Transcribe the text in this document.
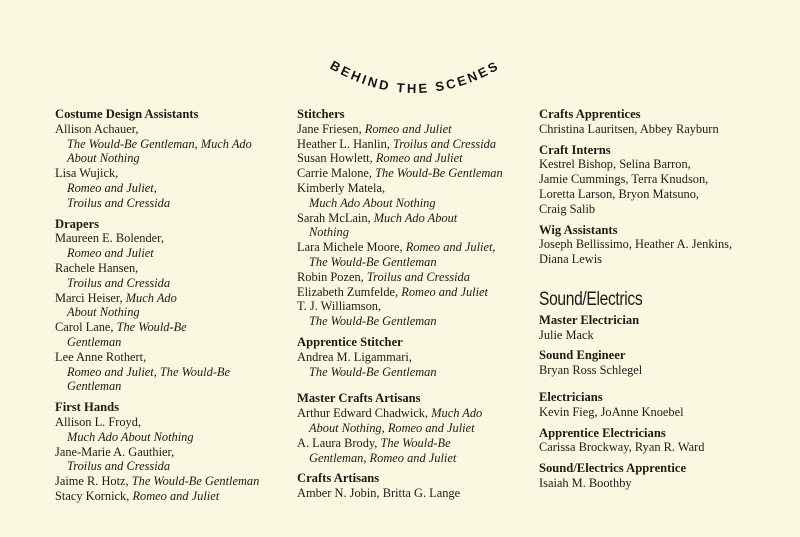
BEHIND THE SCENES
Costume Design Assistants
Allison Achauer,
The Would-Be Gentleman, Much Ado
About Nothing
Lisa Wujick,
Romeo and Juliet,
Troilus and Cressida
Drapers
Maureen E. Bolender,
Romeo and Juliet
Rachele Hansen,
Troilus and Cressida
Marci Heiser, Much Ado
About Nothing
Carol Lane, The Would-Be
Gentleman
Lee Anne Rothert,
Romeo and Juliet, The Would-Be
Gentleman
First Hands
Allison L. Froyd,
Much Ado About Nothing
Jane-Marie A. Gauthier,
Troilus and Cressida
Jaime R. Hotz, The Would-Be Gentleman
Stacy Kornick, Romeo and Juliet
Stitchers
Jane Friesen, Romeo and Juliet
Heather L. Hanlin, Troilus and Cressida
Susan Howlett, Romeo and Juliet
Carrie Malone, The Would-Be Gentleman
Kimberly Matela,
Much Ado About Nothing
Sarah McLain, Much Ado About
Nothing
Lara Michele Moore, Romeo and Juliet,
The Would-Be Gentleman
Robin Pozen, Troilus and Cressida
Elizabeth Zumfelde, Romeo and Juliet
T. J. Williamson,
The Would-Be Gentleman
Apprentice Stitcher
Andrea M. Ligammari,
The Would-Be Gentleman
Master Crafts Artisans
Arthur Edward Chadwick, Much Ado
About Nothing, Romeo and Juliet
A. Laura Brody, The Would-Be
Gentleman, Romeo and Juliet
Crafts Artisans
Amber N. Jobin, Britta G. Lange
Crafts Apprentices
Christina Lauritsen, Abbey Rayburn
Craft Interns
Kestrel Bishop, Selina Barron,
Jamie Cummings, Terra Knudson,
Loretta Larson, Bryon Matsuno,
Craig Salib
Wig Assistants
Joseph Bellissimo, Heather A. Jenkins,
Diana Lewis
Sound/Electrics
Master Electrician
Julie Mack
Sound Engineer
Bryan Ross Schlegel
Electricians
Kevin Fieg, JoAnne Knoebel
Apprentice Electricians
Carissa Brockway, Ryan R. Ward
Sound/Electrics Apprentice
Isaiah M. Boothby
